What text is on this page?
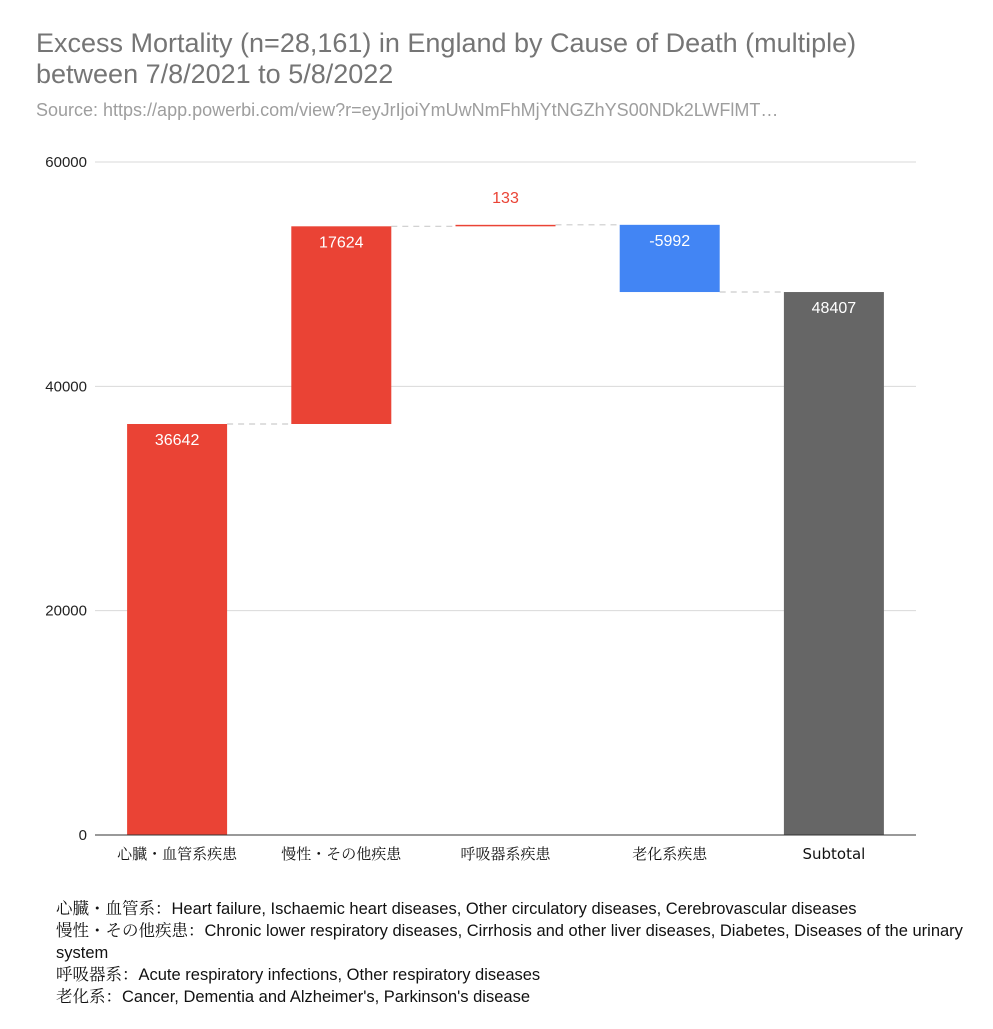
Excess Mortality (n=28,161) in England by Cause of Death (multiple) between 7/8/2021 to 5/8/2022
Source: https://app.powerbi.com/view?r=eyJrIjoiYmUwNmFhMjYtNGZhYS00NDk2LWFlMT…
36642
17624
133
-5992
48407
0
20000
40000
60000
心臓・血管系疾患	慢性・その他疾患	呼吸器系疾患	老化系疾患	Subtotal
心臓・血管系：Heart failure, Ischaemic heart diseases, Other circulatory diseases, Cerebrovascular diseases
慢性・その他疾患：Chronic lower respiratory diseases, Cirrhosis and other liver diseases, Diabetes, Diseases of the urinary system
呼吸器系：Acute respiratory infections, Other respiratory diseases
老化系：Cancer, Dementia and Alzheimer's, Parkinson's disease
